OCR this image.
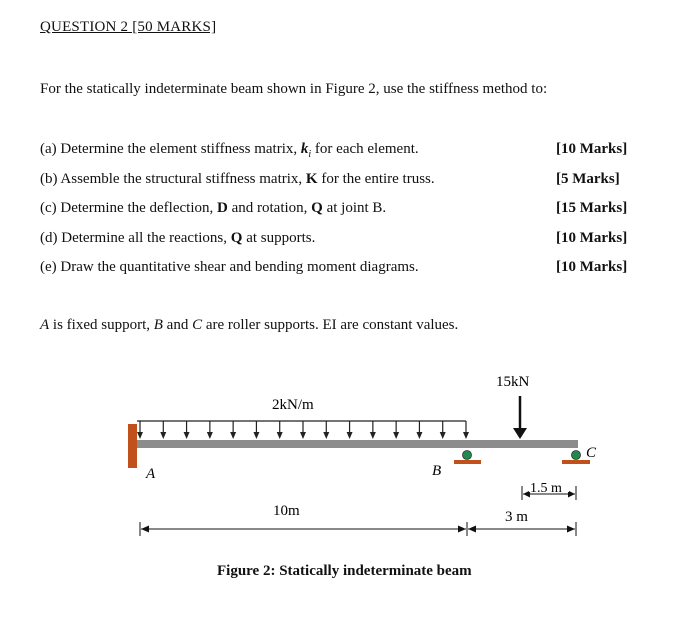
QUESTION 2 [50 MARKS]
For the statically indeterminate beam shown in Figure 2, use the stiffness method to:
(a) Determine the element stiffness matrix, $k_i$ for each element.	[10 Marks]
(b) Assemble the structural stiffness matrix, K for the entire truss.	[5 Marks]
(c) Determine the deflection, D and rotation, Q at joint B.	[15 Marks]
(d) Determine all the reactions, Q at supports.	[10 Marks]
(e) Draw the quantitative shear and bending moment diagrams.	[10 Marks]
A is fixed support, B and C are roller supports. EI are constant values.
15kN
2kN/m
A	B
C
1.5 m
10m	3 m
Figure 2: Statically indeterminate beam
